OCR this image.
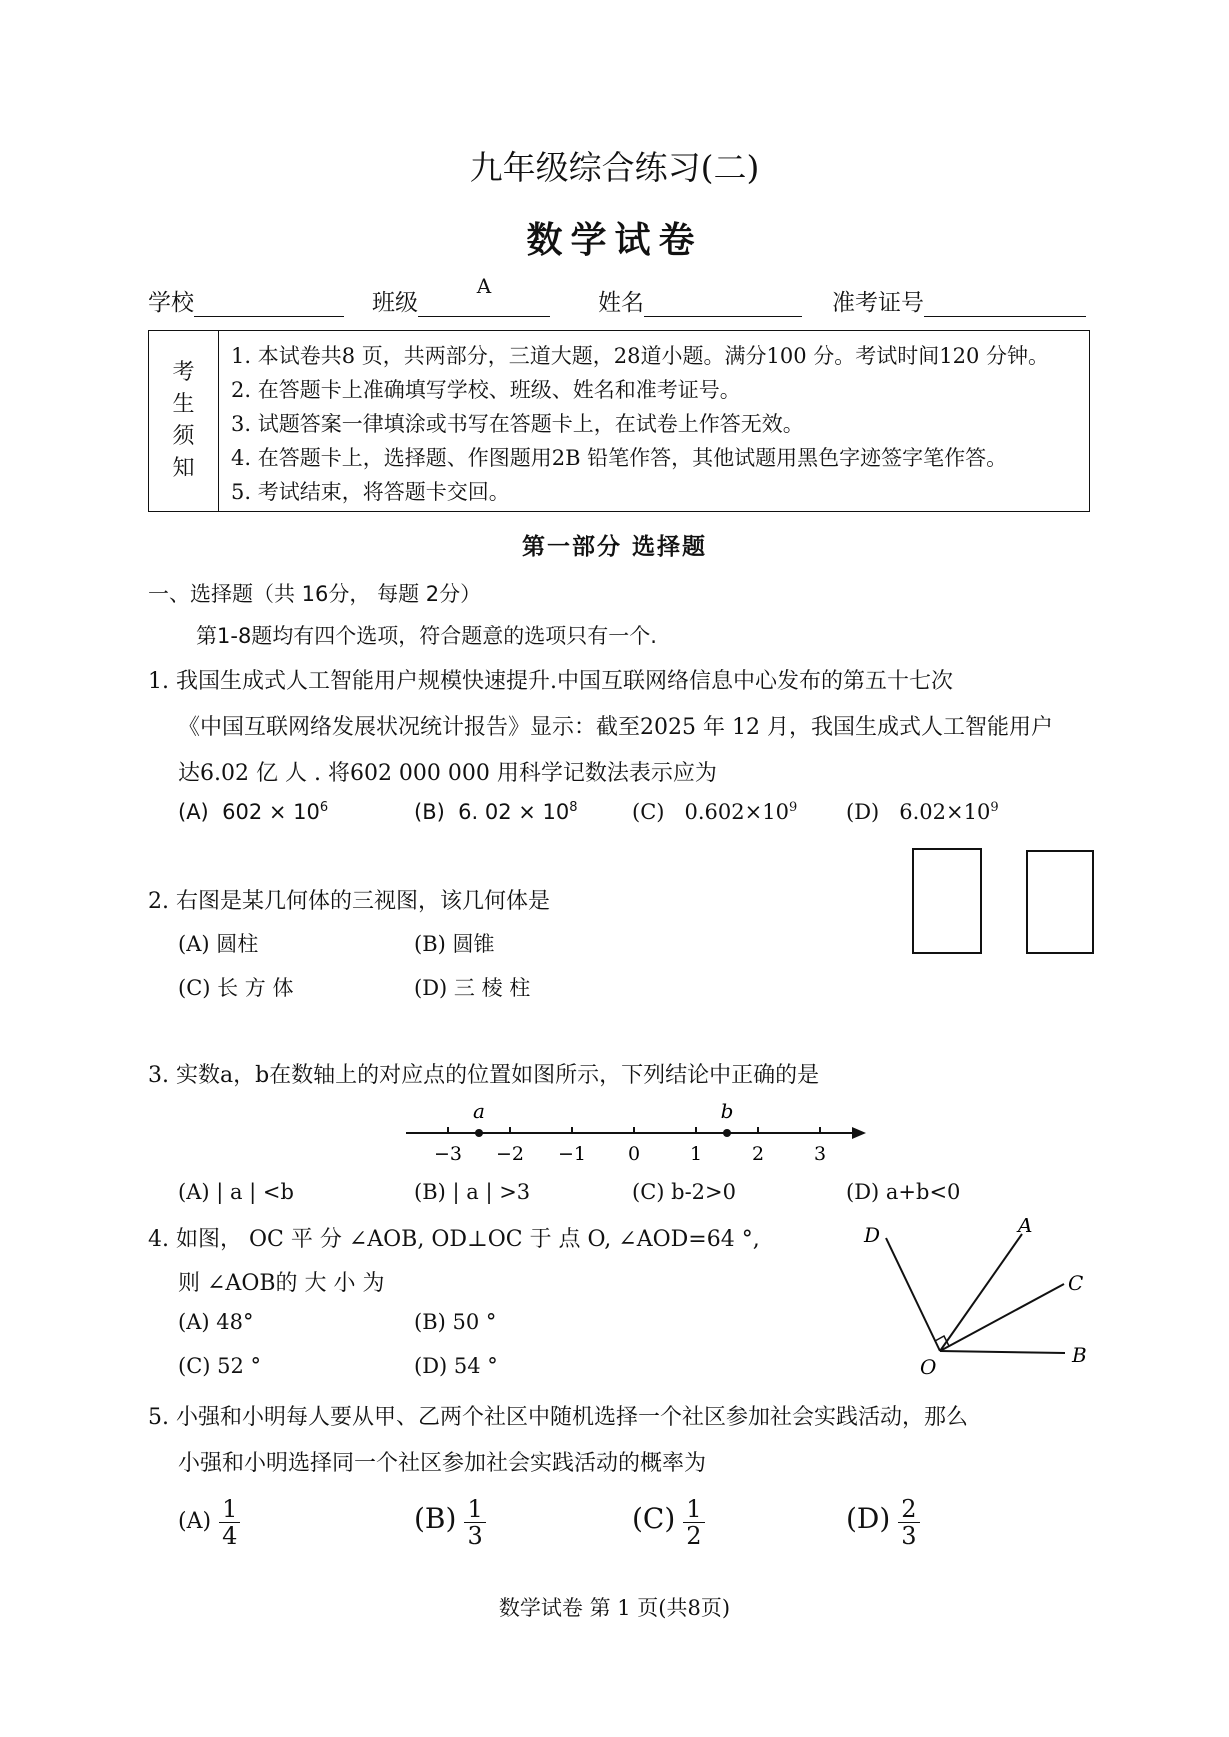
九年级综合练习(二)
数学试卷
学校	班级
A
姓名	准考证号
考
生
须
知
1. 本试卷共8 页，共两部分，三道大题，28道小题。满分100 分。考试时间120 分钟。
2. 在答题卡上准确填写学校、班级、姓名和准考证号。
3. 试题答案一律填涂或书写在答题卡上，在试卷上作答无效。
4. 在答题卡上，选择题、作图题用2B 铅笔作答，其他试题用黑色字迹签字笔作答。
5. 考试结束，将答题卡交回。
第一部分 选择题
一、选择题（共 16分， 每题 2分）
第1-8题均有四个选项，符合题意的选项只有一个.
1. 我国生成式人工智能用户规模快速提升.中国互联网络信息中心发布的第五十七次
《中国互联网络发展状况统计报告》显示：截至2025 年 12 月，我国生成式人工智能用户
达6.02 亿 人 . 将602 000 000 用科学记数法表示应为
(A) $602 \times 10^6$	(B) 6. $02 \times 10^8$	(C) $0.602\times 10^9$ (D) $6.02\times 10^9$
2. 右图是某几何体的三视图，该几何体是
(A) 圆柱	(B) 圆锥
(C) 长 方 体	(D) 三 棱 柱
3. 实数a，b在数轴上的对应点的位置如图所示，下列结论中正确的是
−3 −2 −1 0	1	2	3
a	b
(A) | a | <b	(B) | a | >3	(C) b-2>0	(D) a+b<0
4. 如图， OC 平 分 ∠AOB, OD⊥OC 于 点 O, ∠AOD=64 °,
则 ∠AOB的 大 小 为
(A) 48°	(B) 50 °
(C) 52 °	(D) 54 °
D	A
C
O	B
5. 小强和小明每人要从甲、乙两个社区中随机选择一个社区参加社会实践活动，那么
小强和小明选择同一个社区参加社会实践活动的概率为
$(A) \frac{1}{4}$	$(B) \frac{1}{3}$	$(C) \frac{1}{2}$	$(D) \frac{2}{3}$
数学试卷 第 1 页(共8页)
